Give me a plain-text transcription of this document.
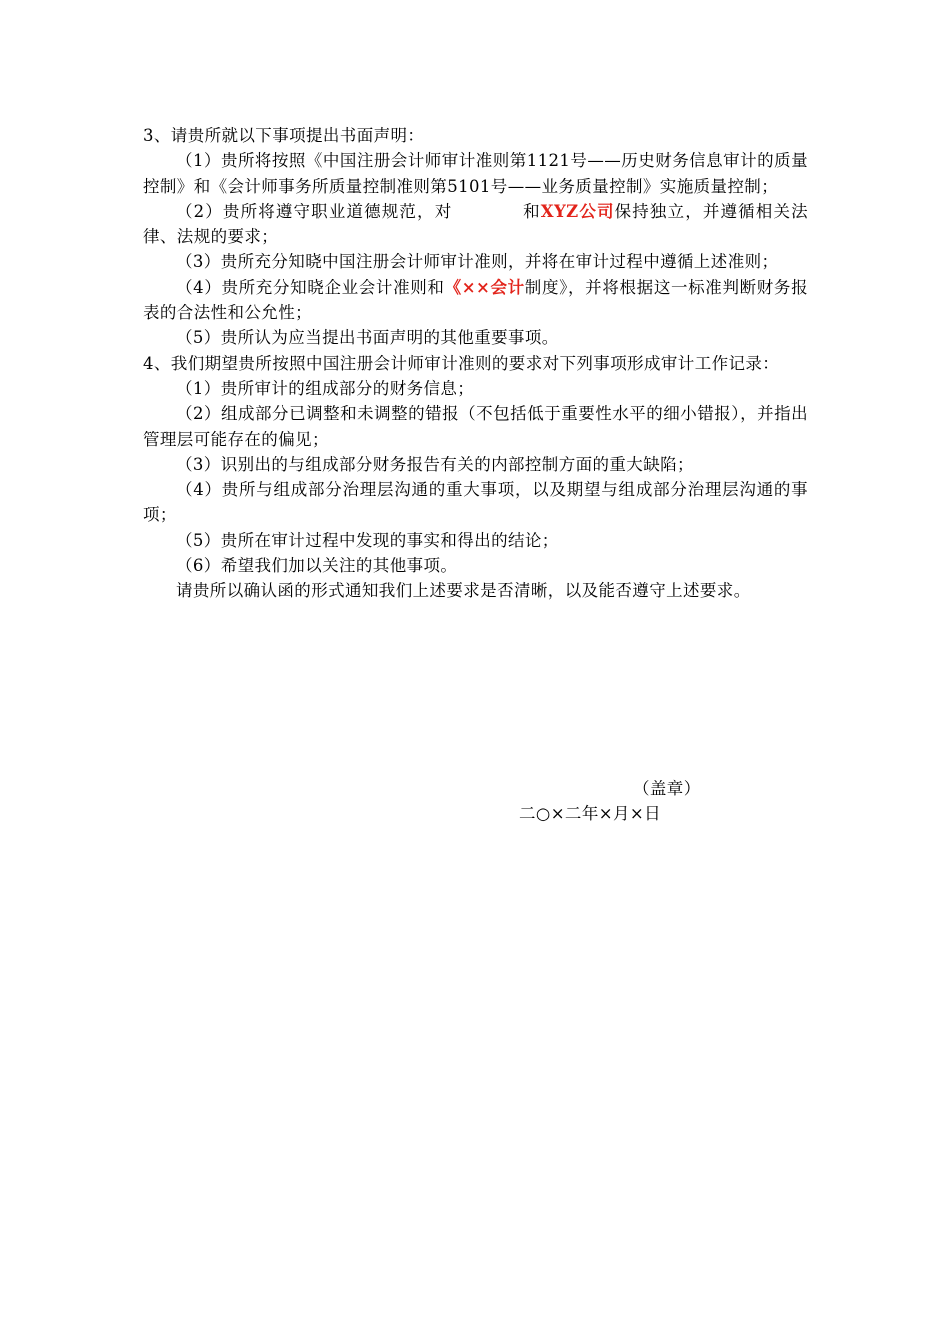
3、请贵所就以下事项提出书面声明：

（1）贵所将按照《中国注册会计师审计准则第1121号——历史财务信息审计的质量控制》和《会计师事务所质量控制准则第5101号——业务质量控制》实施质量控制；

（2）贵所将遵守职业道德规范，对	和XYZ公司保持独立，并遵循相关法律、法规的要求；

（3）贵所充分知晓中国注册会计师审计准则，并将在审计过程中遵循上述准则；

（4）贵所充分知晓企业会计准则和《××会计制度》，并将根据这一标准判断财务报表的合法性和公允性；

（5）贵所认为应当提出书面声明的其他重要事项。

4、我们期望贵所按照中国注册会计师审计准则的要求对下列事项形成审计工作记录：

（1）贵所审计的组成部分的财务信息；

（2）组成部分已调整和未调整的错报（不包括低于重要性水平的细小错报），并指出管理层可能存在的偏见；

（3）识别出的与组成部分财务报告有关的内部控制方面的重大缺陷；

（4）贵所与组成部分治理层沟通的重大事项，以及期望与组成部分治理层沟通的事项；

（5）贵所在审计过程中发现的事实和得出的结论；

（6）希望我们加以关注的其他事项。

请贵所以确认函的形式通知我们上述要求是否清晰，以及能否遵守上述要求。

（盖章）
二○×二年×月×日
